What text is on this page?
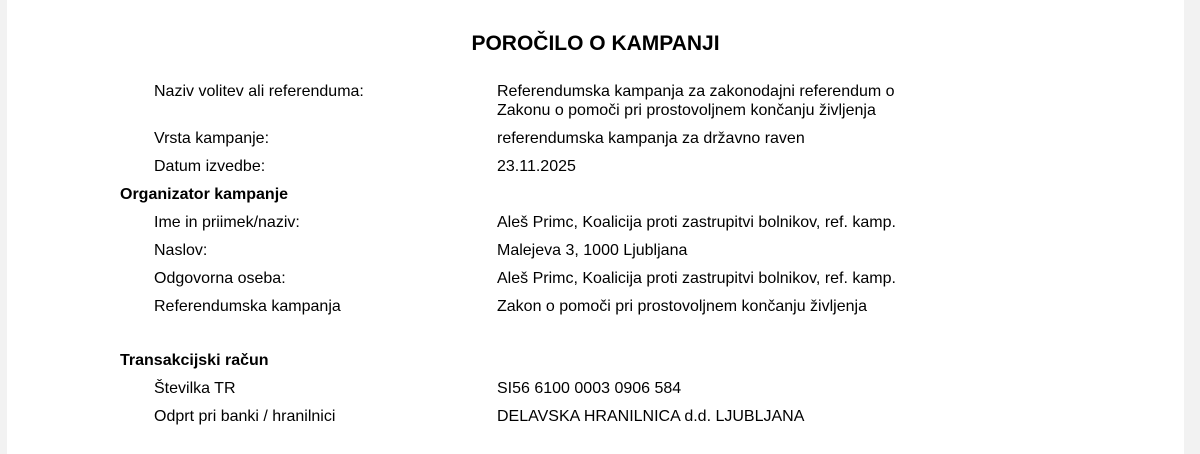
POROČILO O KAMPANJI
Naziv volitev ali referenduma:	Referendumska kampanja za zakonodajni referendum o
Zakonu o pomoči pri prostovoljnem končanju življenja
Vrsta kampanje:	referendumska kampanja za državno raven
Datum izvedbe:	23.11.2025
Organizator kampanje
Ime in priimek/naziv:	Aleš Primc, Koalicija proti zastrupitvi bolnikov, ref. kamp.
Naslov:	Malejeva 3, 1000 Ljubljana
Odgovorna oseba:	Aleš Primc, Koalicija proti zastrupitvi bolnikov, ref. kamp.
Referendumska kampanja	Zakon o pomoči pri prostovoljnem končanju življenja
Transakcijski račun
Številka TR	SI56 6100 0003 0906 584
Odprt pri banki / hranilnici	DELAVSKA HRANILNICA d.d. LJUBLJANA
